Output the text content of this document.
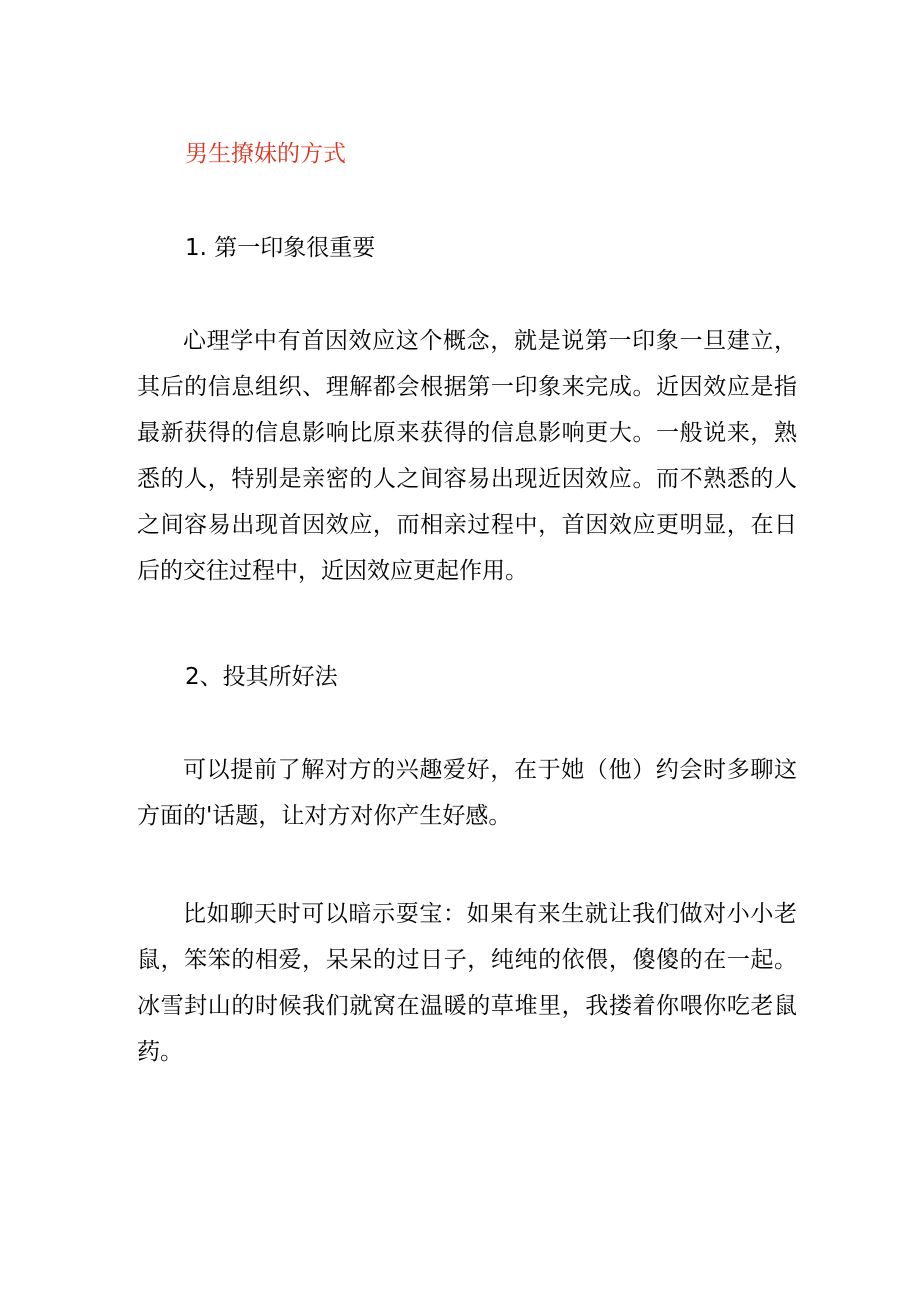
男生撩妹的方式
1. 第一印象很重要

心理学中有首因效应这个概念，就是说第一印象一旦建立，其后的信息组织、理解都会根据第一印象来完成。近因效应是指最新获得的信息影响比原来获得的信息影响更大。一般说来，熟悉的人，特别是亲密的人之间容易出现近因效应。而不熟悉的人之间容易出现首因效应，而相亲过程中，首因效应更明显，在日后的交往过程中，近因效应更起作用。

2、投其所好法

可以提前了解对方的兴趣爱好，在于她（他）约会时多聊这方面的'话题，让对方对你产生好感。

比如聊天时可以暗示耍宝：如果有来生就让我们做对小小老鼠，笨笨的相爱，呆呆的过日子，纯纯的依偎，傻傻的在一起。冰雪封山的时候我们就窝在温暖的草堆里，我搂着你喂你吃老鼠药。
